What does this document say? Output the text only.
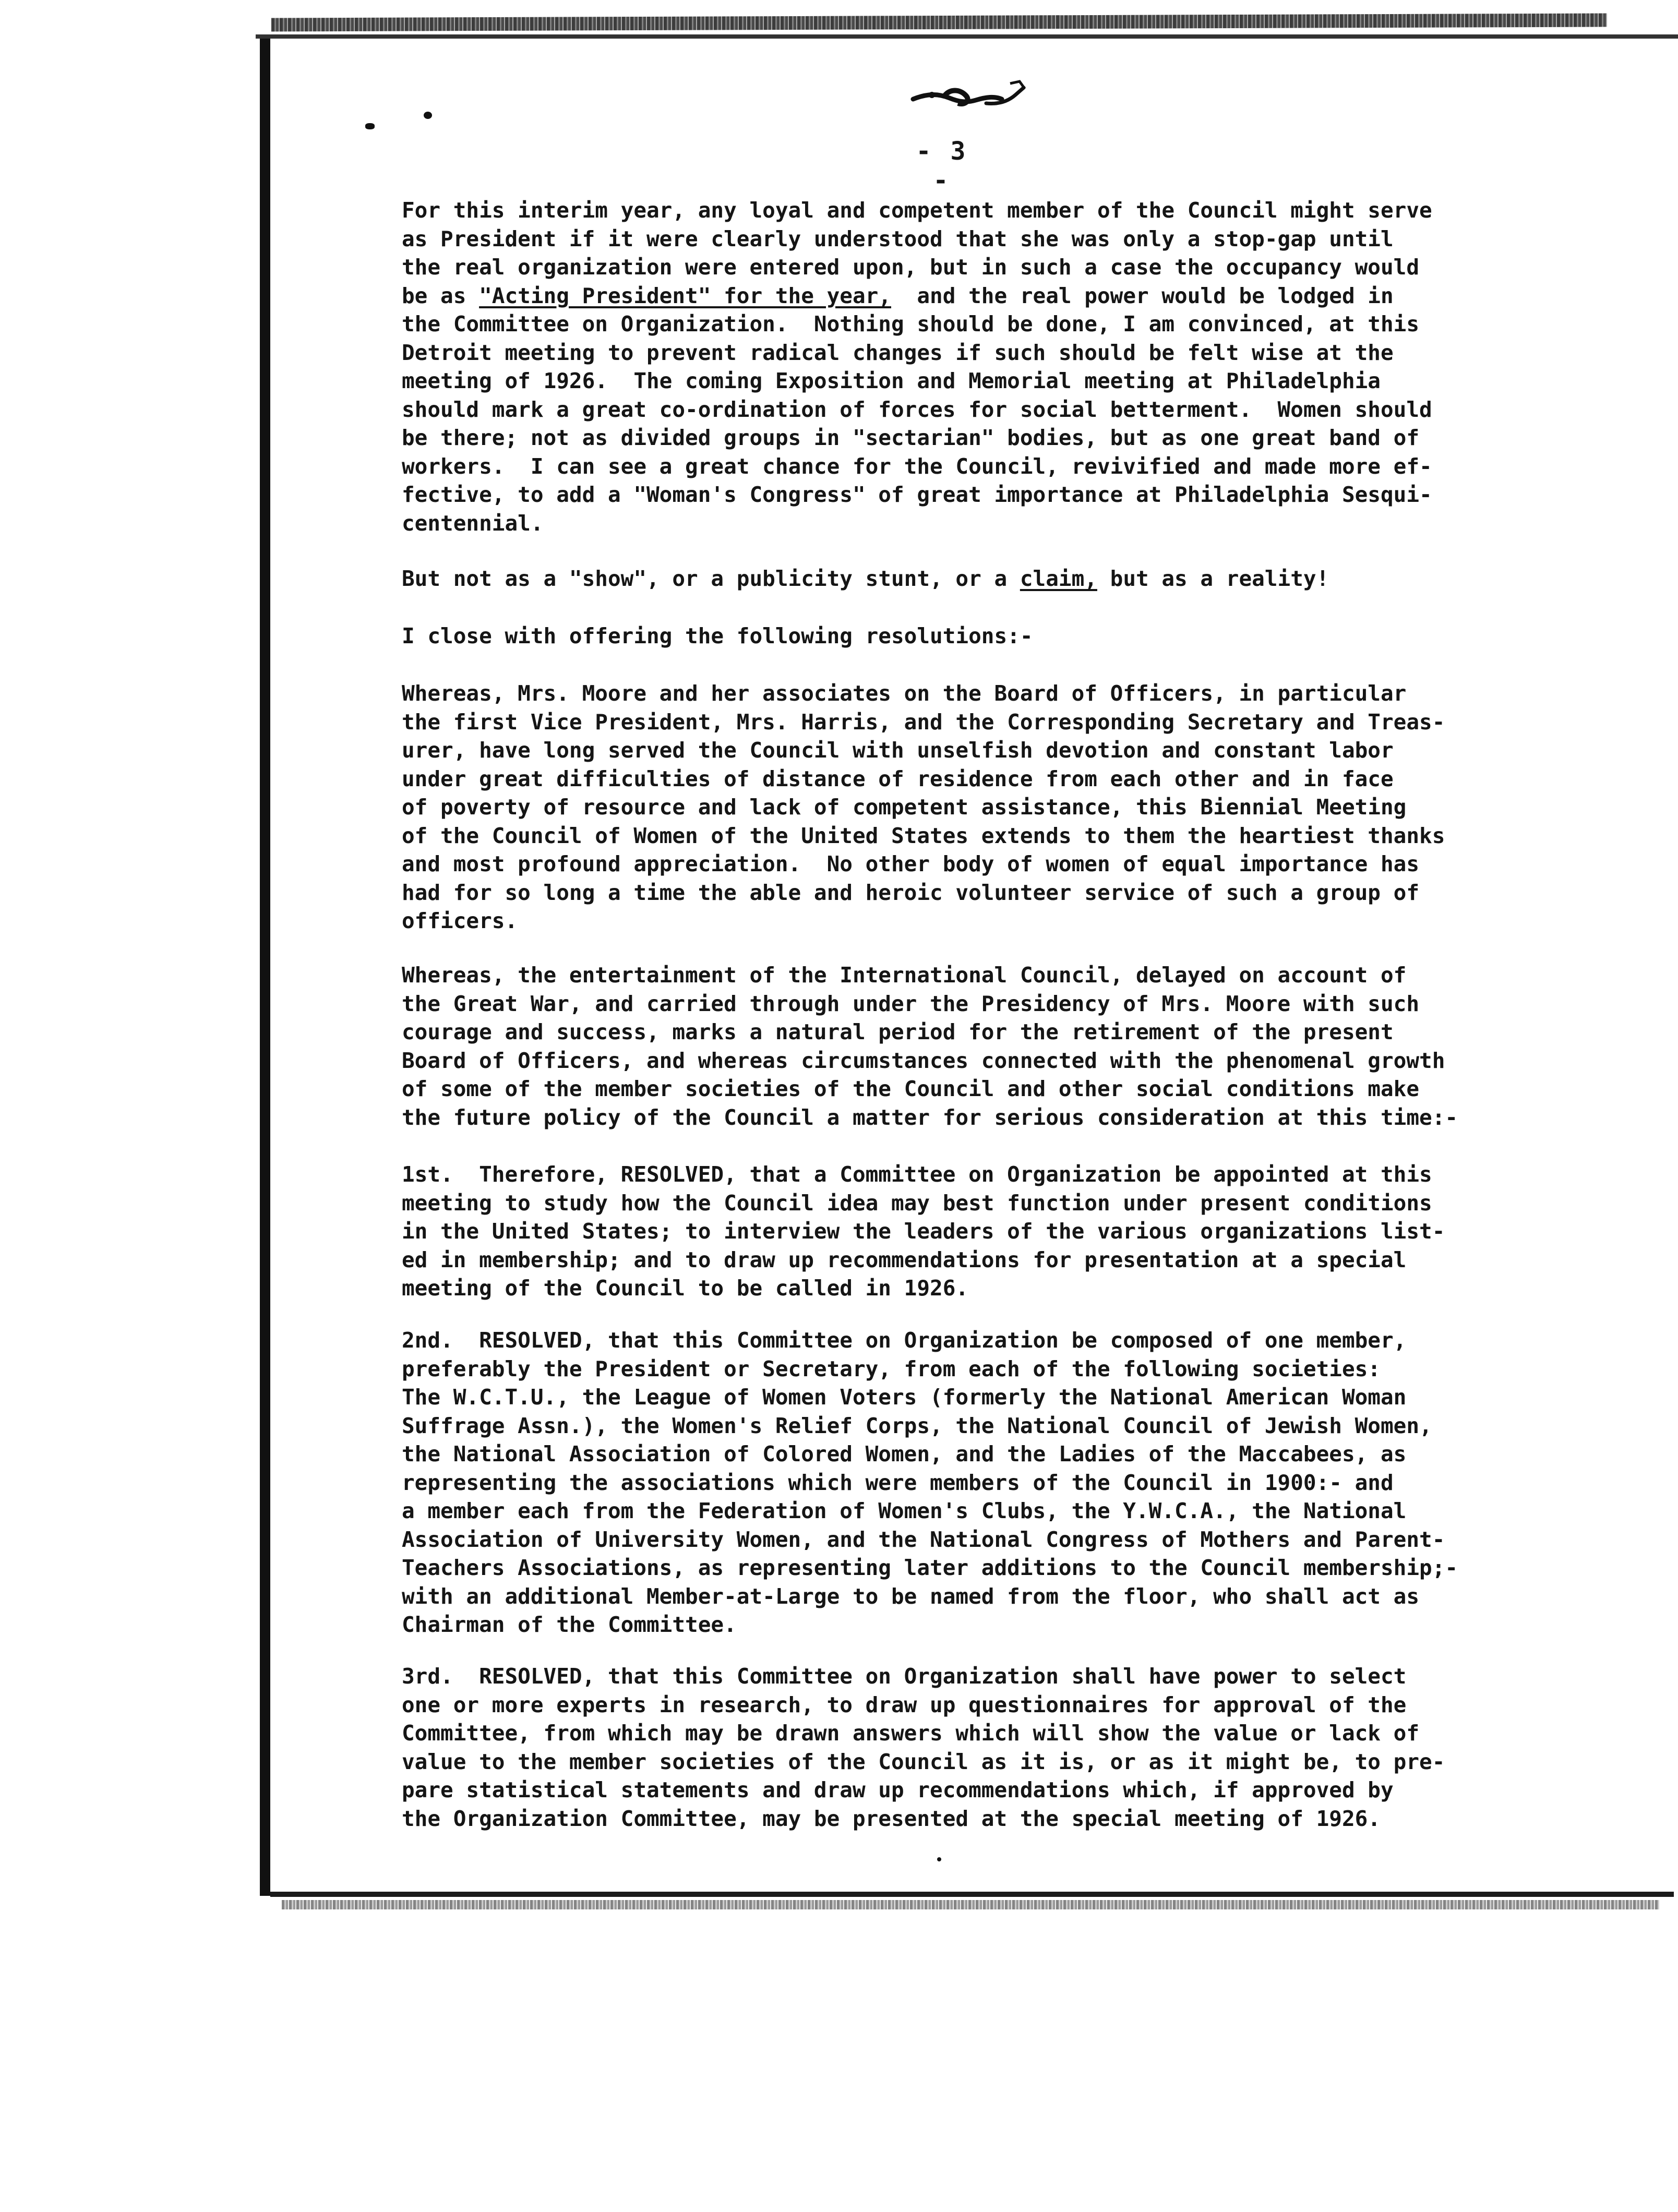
- 3 -
For this interim year, any loyal and competent member of the Council might serve
as President if it were clearly understood that she was only a stop-gap until
the real organization were entered upon, but in such a case the occupancy would
be as "Acting President" for the year,  and the real power would be lodged in
the Committee on Organization.  Nothing should be done, I am convinced, at this
Detroit meeting to prevent radical changes if such should be felt wise at the
meeting of 1926.  The coming Exposition and Memorial meeting at Philadelphia
should mark a great co-ordination of forces for social betterment.  Women should
be there; not as divided groups in "sectarian" bodies, but as one great band of
workers.  I can see a great chance for the Council, revivified and made more ef-
fective, to add a "Woman's Congress" of great importance at Philadelphia Sesqui-
centennial.
But not as a "show", or a publicity stunt, or a claim, but as a reality!
I close with offering the following resolutions:-
Whereas, Mrs. Moore and her associates on the Board of Officers, in particular
the first Vice President, Mrs. Harris, and the Corresponding Secretary and Treas-
urer, have long served the Council with unselfish devotion and constant labor
under great difficulties of distance of residence from each other and in face
of poverty of resource and lack of competent assistance, this Biennial Meeting
of the Council of Women of the United States extends to them the heartiest thanks
and most profound appreciation.  No other body of women of equal importance has
had for so long a time the able and heroic volunteer service of such a group of
officers.
Whereas, the entertainment of the International Council, delayed on account of
the Great War, and carried through under the Presidency of Mrs. Moore with such
courage and success, marks a natural period for the retirement of the present
Board of Officers, and whereas circumstances connected with the phenomenal growth
of some of the member societies of the Council and other social conditions make
the future policy of the Council a matter for serious consideration at this time:-
1st.  Therefore, RESOLVED, that a Committee on Organization be appointed at this
meeting to study how the Council idea may best function under present conditions
in the United States; to interview the leaders of the various organizations list-
ed in membership; and to draw up recommendations for presentation at a special
meeting of the Council to be called in 1926.
2nd.  RESOLVED, that this Committee on Organization be composed of one member,
preferably the President or Secretary, from each of the following societies:
The W.C.T.U., the League of Women Voters (formerly the National American Woman
Suffrage Assn.), the Women's Relief Corps, the National Council of Jewish Women,
the National Association of Colored Women, and the Ladies of the Maccabees, as
representing the associations which were members of the Council in 1900:- and
a member each from the Federation of Women's Clubs, the Y.W.C.A., the National
Association of University Women, and the National Congress of Mothers and Parent-
Teachers Associations, as representing later additions to the Council membership;-
with an additional Member-at-Large to be named from the floor, who shall act as
Chairman of the Committee.
3rd.  RESOLVED, that this Committee on Organization shall have power to select
one or more experts in research, to draw up questionnaires for approval of the
Committee, from which may be drawn answers which will show the value or lack of
value to the member societies of the Council as it is, or as it might be, to pre-
pare statistical statements and draw up recommendations which, if approved by
the Organization Committee, may be presented at the special meeting of 1926.
